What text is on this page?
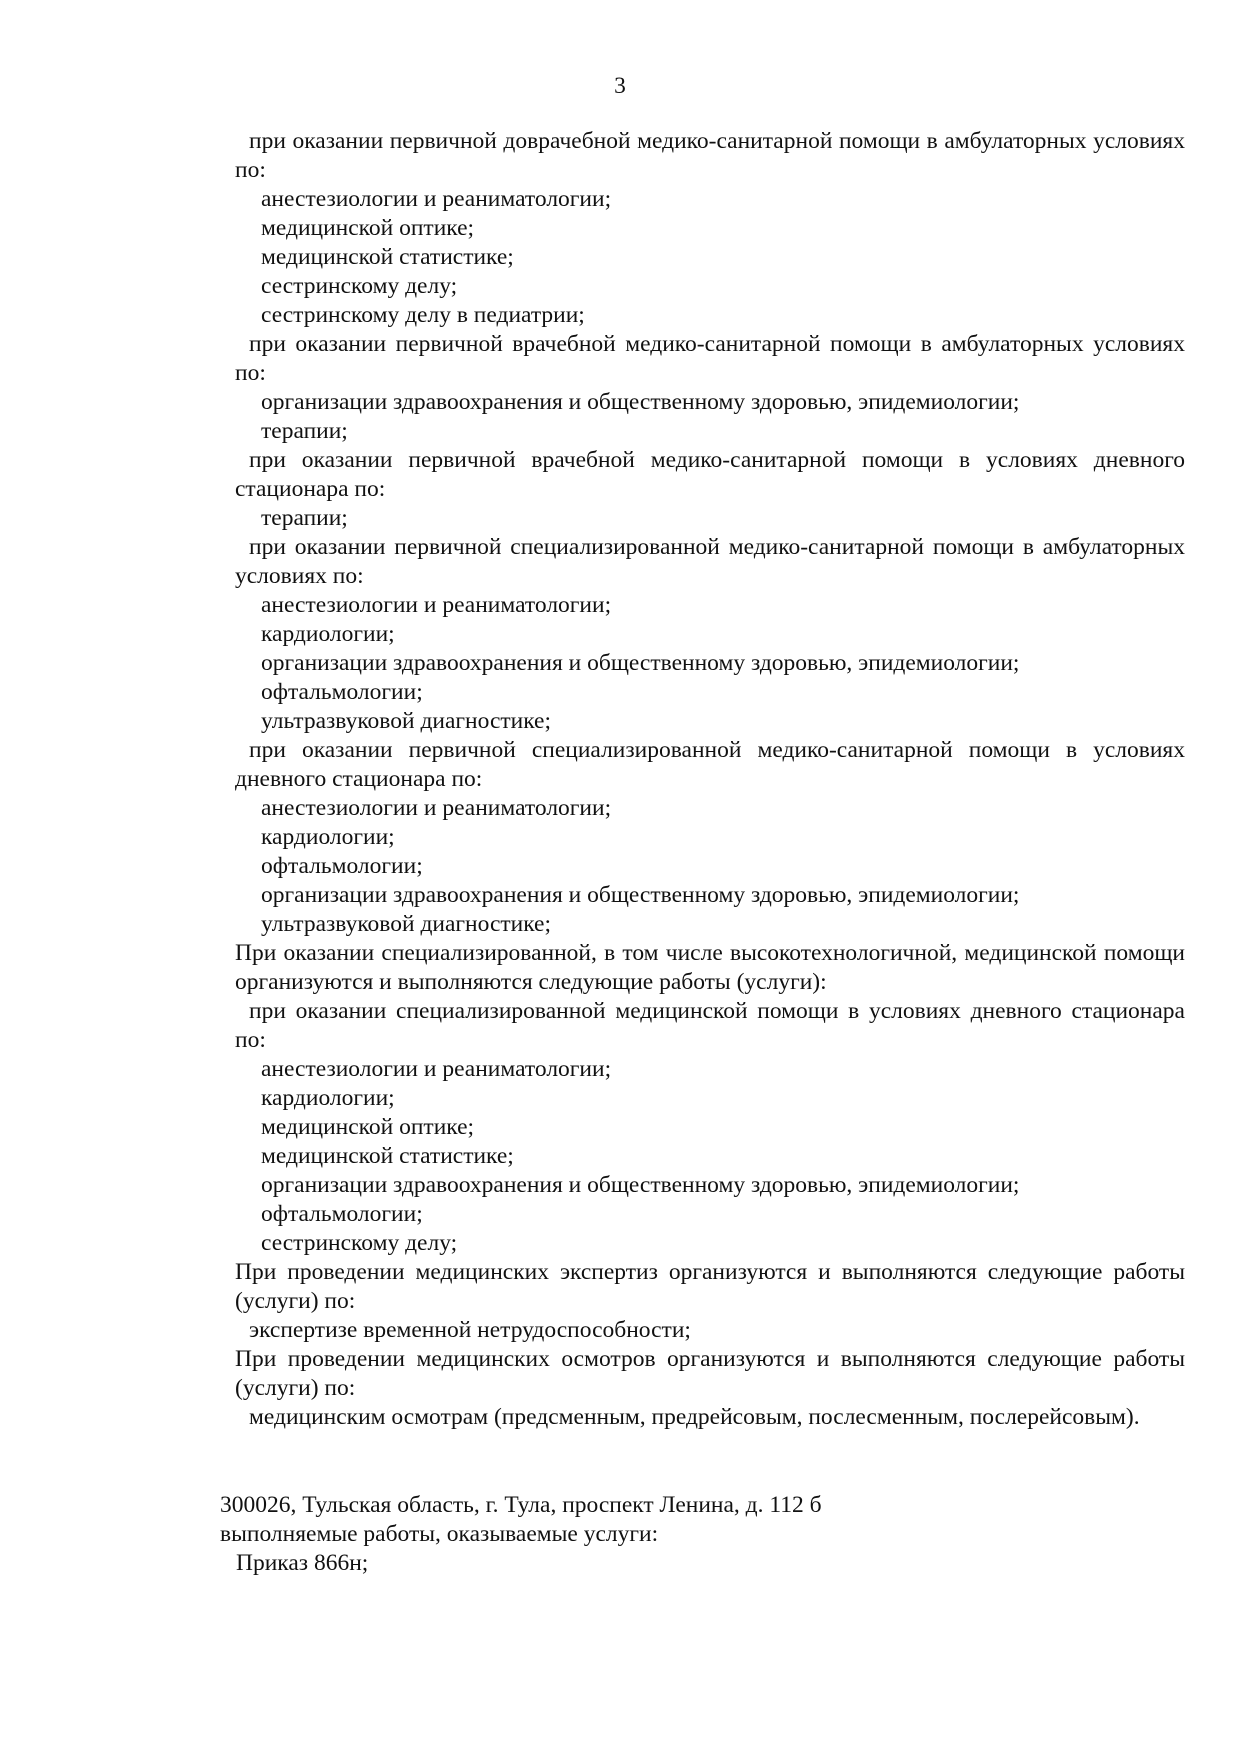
3

при оказании первичной доврачебной медико-санитарной помощи в амбулаторных условиях по:

анестезиологии и реаниматологии;

медицинской оптике;

медицинской статистике;

сестринскому делу;

сестринскому делу в педиатрии;

при оказании первичной врачебной медико-санитарной помощи в амбулаторных условиях по:

организации здравоохранения и общественному здоровью, эпидемиологии;

терапии;

при оказании первичной врачебной медико-санитарной помощи в условиях дневного стационара по:

терапии;

при оказании первичной специализированной медико-санитарной помощи в амбулаторных условиях по:

анестезиологии и реаниматологии;

кардиологии;

организации здравоохранения и общественному здоровью, эпидемиологии;

офтальмологии;

ультразвуковой диагностике;

при оказании первичной специализированной медико-санитарной помощи в условиях дневного стационара по:

анестезиологии и реаниматологии;

кардиологии;

офтальмологии;

организации здравоохранения и общественному здоровью, эпидемиологии;

ультразвуковой диагностике;

При оказании специализированной, в том числе высокотехнологичной, медицинской помощи организуются и выполняются следующие работы (услуги):

при оказании специализированной медицинской помощи в условиях дневного стационара по:

анестезиологии и реаниматологии;

кардиологии;

медицинской оптике;

медицинской статистике;

организации здравоохранения и общественному здоровью, эпидемиологии;

офтальмологии;

сестринскому делу;

При проведении медицинских экспертиз организуются и выполняются следующие работы (услуги) по:

экспертизе временной нетрудоспособности;

При проведении медицинских осмотров организуются и выполняются следующие работы (услуги) по:

медицинским осмотрам (предсменным, предрейсовым, послесменным, послерейсовым).

300026, Тульская область, г. Тула, проспект Ленина, д. 112 б

выполняемые работы, оказываемые услуги:

Приказ 866н;
